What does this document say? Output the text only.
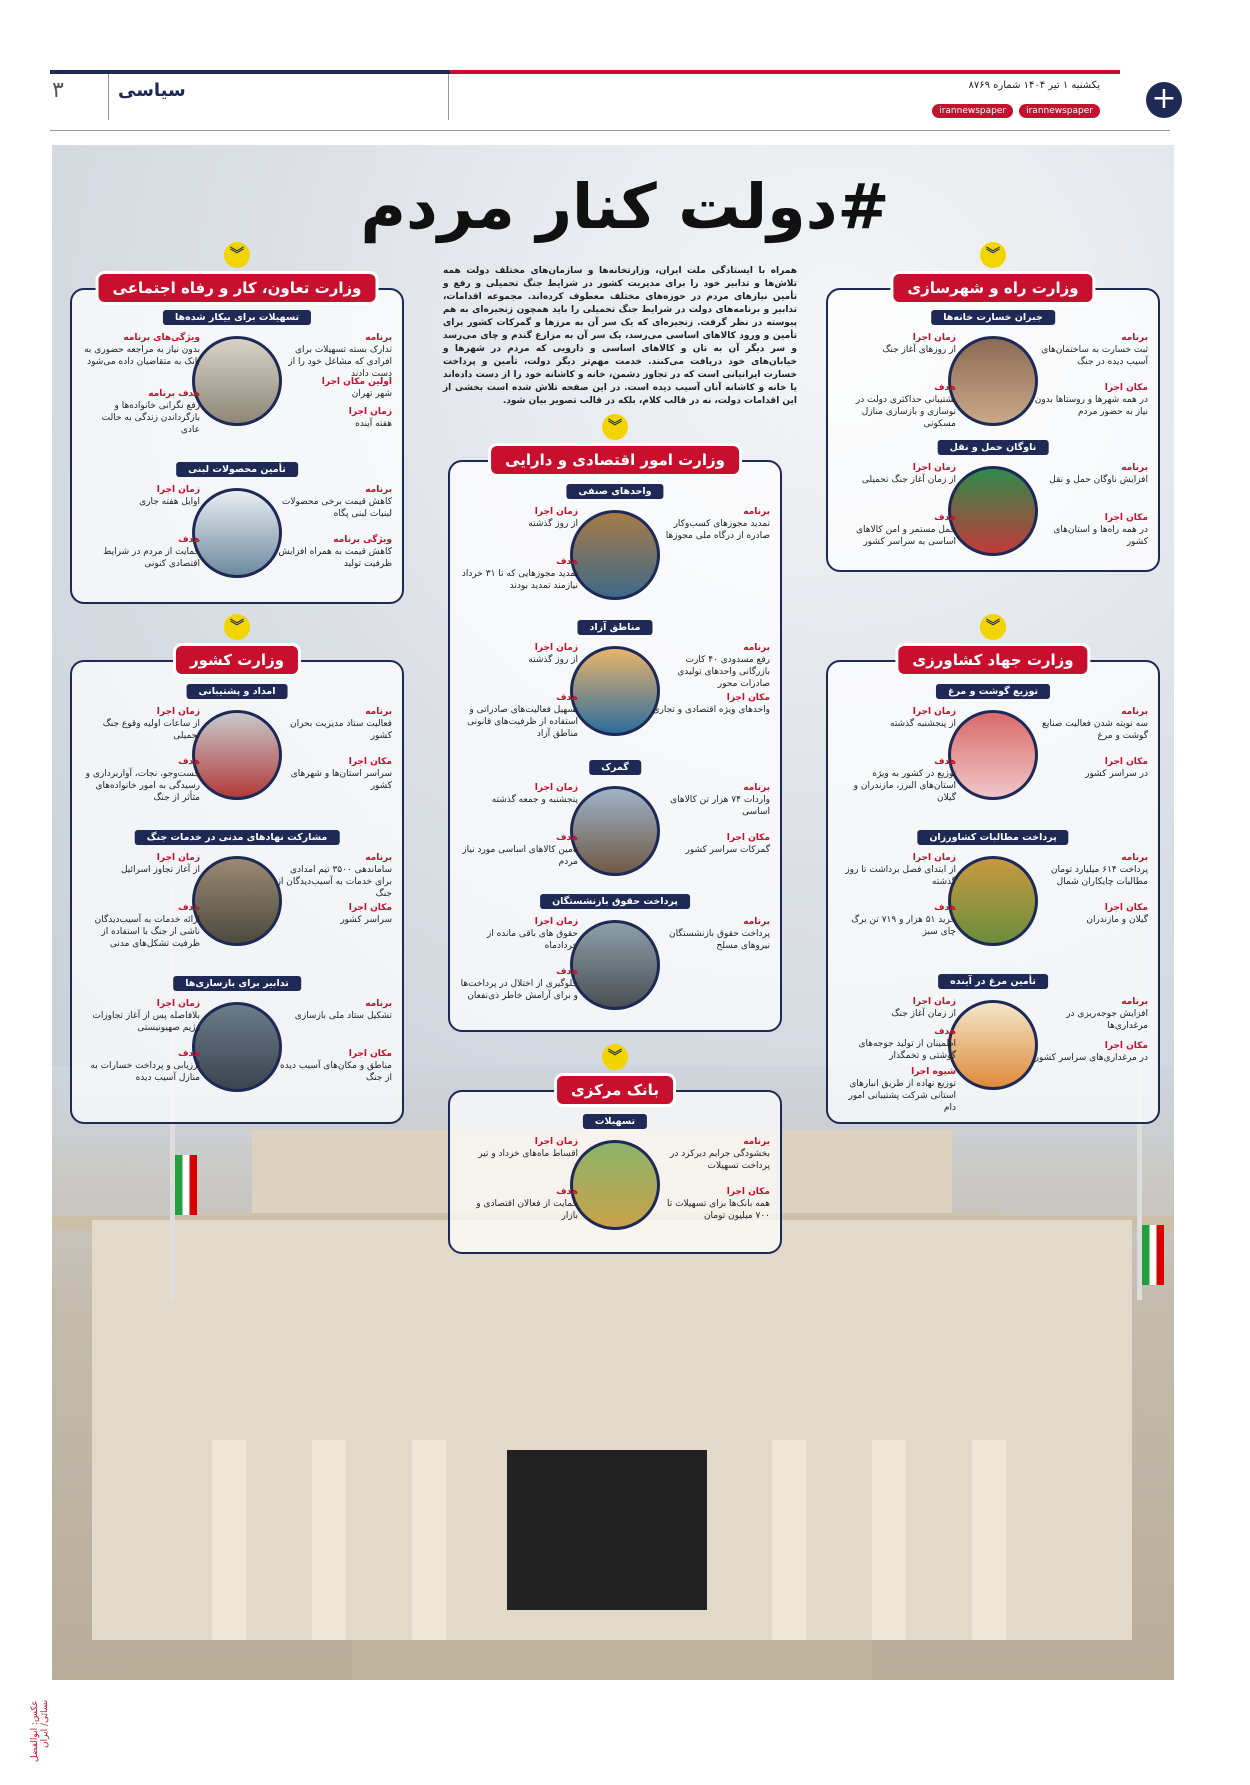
+
یکشنبه ۱ تیر ۱۴۰۴ شماره ۸۷۶۹
irannewspaper
irannewspaper
سیاسی
۳
عکس: ابوالفضل نسائی/ ایران
#دولت کنار مردم
همراه با ایستادگی ملت ایران، وزارتخانه‌ها و سازمان‌های مختلف دولت همه تلاش‌ها و تدابیر خود را برای مدیریت کشور در شرایط جنگ تحمیلی و رفع و تأمین نیازهای مردم در حوزه‌های مختلف معطوف کرده‌اند. مجموعه اقدامات، تدابیر و برنامه‌های دولت در شرایط جنگ تحمیلی را باید همچون زنجیره‌ای به هم پیوسته در نظر گرفت. زنجیره‌ای که یک سر آن به مرزها و گمرکات کشور برای تأمین و ورود کالاهای اساسی می‌رسد، یک سر آن به مزارع گندم و چای می‌رسد و سر دیگر آن به نان و کالاهای اساسی و دارویی که مردم در شهرها و خیابان‌های خود دریافت می‌کنند. خدمت مهم‌تر دیگر دولت، تأمین و پرداخت خسارت ایرانیانی است که در تجاوز دشمن، خانه و کاشانه خود را از دست داده‌اند یا خانه و کاشانه آنان آسیب دیده است. در این صفحه تلاش شده است بخشی از این اقدامات دولت، نه در قالب کلام، بلکه در قالب تصویر بیان شود.
︾
وزارت راه و شهرسازی
جبران خسارت خانه‌ها
برنامه
ثبت خسارت به ساختمان‌های آسیب دیده در جنگ
زمان اجرا
از روزهای آغاز جنگ
مکان اجرا
در همه شهرها و روستاها بدون نیاز به حضور مردم
هدف
پشتیبانی حداکثری دولت در نوسازی و بازسازی منازل مسکونی
ناوگان حمل و نقل
برنامه
افزایش ناوگان حمل و نقل
زمان اجرا
از زمان آغاز جنگ تحمیلی
مکان اجرا
در همه راه‌ها و استان‌های کشور
هدف
حمل مستمر و امن کالاهای اساسی به سراسر کشور
︾
وزارت جهاد کشاورزی
توزیع گوشت و مرغ
برنامه
سه نوبته شدن فعالیت صنایع گوشت و مرغ
زمان اجرا
از پنجشنبه گذشته
مکان اجرا
در سراسر کشور
هدف
توزیع در کشور به ویژه استان‌های البرز، مازندران و گیلان
پرداخت مطالبات کشاورزان
برنامه
پرداخت ۶۱۴ میلیارد تومان مطالبات چایکاران شمال
زمان اجرا
از ابتدای فصل برداشت تا روز گذشته
مکان اجرا
گیلان و مازندران
هدف
خرید ۵۱ هزار و ۷۱۹ تن برگ چای سبز
تأمین مرغ در آینده
برنامه
افزایش جوجه‌ریزی در مرغداری‌ها
زمان اجرا
از زمان آغاز جنگ
مکان اجرا
در مرغداری‌های سراسر کشور
هدف
اطمینان از تولید جوجه‌های گوشتی و تخمگذار
شیوه اجرا
توزیع نهاده از طریق انبارهای استانی شرکت پشتیبانی امور دام
︾
وزارت امور اقتصادی و دارایی
واحدهای صنفی
برنامه
تمدید مجوزهای کسب‌وکار صادره از درگاه ملی مجوزها
زمان اجرا
از روز گذشته
هدف
تمدید مجوزهایی که تا ۳۱ خرداد نیازمند تمدید بودند
مناطق آزاد
برنامه
رفع مسدودی ۴۰ کارت بازرگانی واحدهای تولیدی صادرات محور
زمان اجرا
از روز گذشته
مکان اجرا
واحدهای ویژه اقتصادی و تجاری
هدف
تسهیل فعالیت‌های صادراتی و استفاده از ظرفیت‌های قانونی مناطق آزاد
گمرک
برنامه
واردات ۷۴ هزار تن کالاهای اساسی
زمان اجرا
پنجشنبه و جمعه گذشته
مکان اجرا
گمرکات سراسر کشور
هدف
تأمین کالاهای اساسی مورد نیاز مردم
پرداخت حقوق بازنشستگان
برنامه
پرداخت حقوق بازنشستگان نیروهای مسلح
زمان اجرا
حقوق های باقی مانده از خردادماه
هدف
جلوگیری از اختلال در پرداخت‌ها و برای آرامش خاطر ذی‌نفعان
︾
بانک مرکزی
تسهیلات
برنامه
بخشودگی جرایم دیرکرد در پرداخت تسهیلات
زمان اجرا
اقساط ماه‌های خرداد و تیر
مکان اجرا
همه بانک‌ها برای تسهیلات تا ۷۰۰ میلیون تومان
هدف
حمایت از فعالان اقتصادی و بازار
︾
وزارت تعاون، کار و رفاه اجتماعی
تسهیلات برای بیکار شده‌ها
برنامه
تدارک بسته تسهیلات برای افرادی که مشاغل خود را از دست دادند
اولین مکان اجرا
شهر تهران
زمان اجرا
هفته آینده
ویژگی‌های برنامه
بدون نیاز به مراجعه حضوری به بانک به متقاضیان داده می‌شود
هدف برنامه
رفع نگرانی خانواده‌ها و بازگرداندن زندگی به حالت عادی
تأمین محصولات لبنی
برنامه
کاهش قیمت برخی محصولات لبنیات لبنی پگاه
زمان اجرا
اوایل هفته جاری
ویژگی برنامه
کاهش قیمت به همراه افزایش ظرفیت تولید
هدف
حمایت از مردم در شرایط اقتصادی کنونی
︾
وزارت کشور
امداد و پشتیبانی
برنامه
فعالیت ستاد مدیریت بحران کشور
زمان اجرا
از ساعات اولیه وقوع جنگ تحمیلی
مکان اجرا
سراسر استان‌ها و شهرهای کشور
هدف
جست‌وجو، نجات، آواربرداری و رسیدگی به امور خانواده‌های متأثر از جنگ
مشارکت نهادهای مدنی در خدمات جنگ
برنامه
ساماندهی ۳۵۰۰ تیم امدادی برای خدمات به آسیب‌دیدگان از جنگ
زمان اجرا
از آغاز تجاوز اسرائیل
مکان اجرا
سراسر کشور
هدف
ارائه خدمات به آسیب‌دیدگان ناشی از جنگ با استفاده از ظرفیت تشکل‌های مدنی
تدابیر برای بازسازی‌ها
برنامه
تشکیل ستاد ملی بازسازی
زمان اجرا
بلافاصله پس از آغاز تجاوزات رژیم صهیونیستی
مکان اجرا
مناطق و مکان‌های آسیب دیده از جنگ
هدف
ارزیابی و پرداخت خسارات به منازل آسیب دیده
